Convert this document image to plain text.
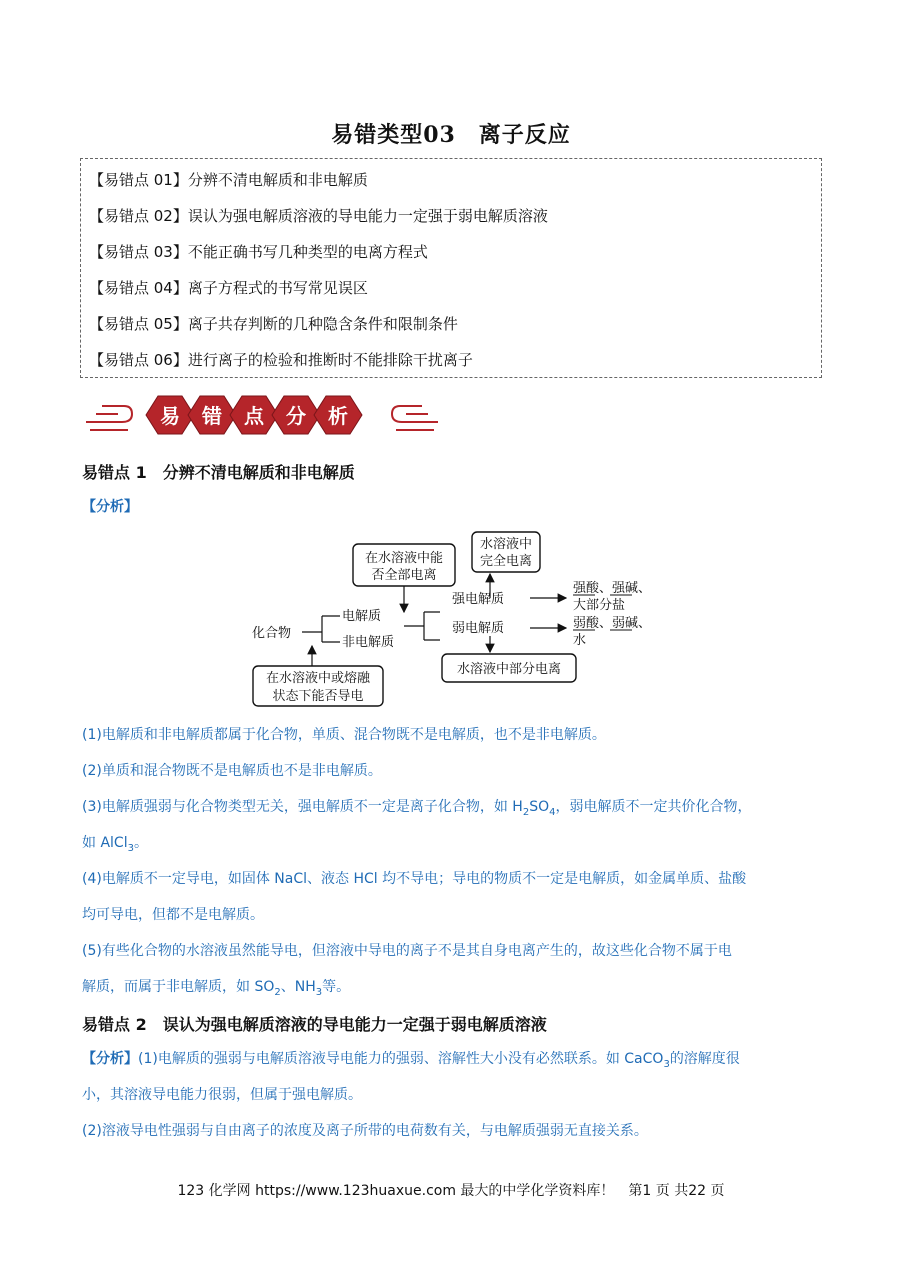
易错类型03　离子反应
【易错点 01】分辨不清电解质和非电解质
【易错点 02】误认为强电解质溶液的导电能力一定强于弱电解质溶液
【易错点 03】不能正确书写几种类型的电离方程式
【易错点 04】离子方程式的书写常见误区
【易错点 05】离子共存判断的几种隐含条件和限制条件
【易错点 06】进行离子的检验和推断时不能排除干扰离子
易 错 点 分 析
易错点 1　分辨不清电解质和非电解质
【分析】
在水溶液中能
否全部电离
水溶液中
完全电离
化合物
电解质
非电解质
强电解质
弱电解质
在水溶液中或熔融
状态下能否导电
水溶液中部分电离
强酸、强碱、
大部分盐
弱酸、弱碱、
水
(1)电解质和非电解质都属于化合物，单质、混合物既不是电解质，也不是非电解质。
(2)单质和混合物既不是电解质也不是非电解质。
(3)电解质强弱与化合物类型无关，强电解质不一定是离子化合物，如 $H_2SO_4$，弱电解质不一定共价化合物，
如 AlCl$_3$。
(4)电解质不一定导电，如固体 NaCl、液态 HCl 均不导电；导电的物质不一定是电解质，如金属单质、盐酸
均可导电，但都不是电解质。
(5)有些化合物的水溶液虽然能导电，但溶液中导电的离子不是其自身电离产生的，故这些化合物不属于电
解质，而属于非电解质，如 $SO_2$、$NH_3$等。
易错点 2　误认为强电解质溶液的导电能力一定强于弱电解质溶液
【分析】(1)电解质的强弱与电解质溶液导电能力的强弱、溶解性大小没有必然联系。如 CaCO$_3$的溶解度很
小，其溶液导电能力很弱，但属于强电解质。
(2)溶液导电性强弱与自由离子的浓度及离子所带的电荷数有关，与电解质强弱无直接关系。
123 化学网 https://www.123huaxue.com 最大的中学化学资料库！　第1 页 共22 页
